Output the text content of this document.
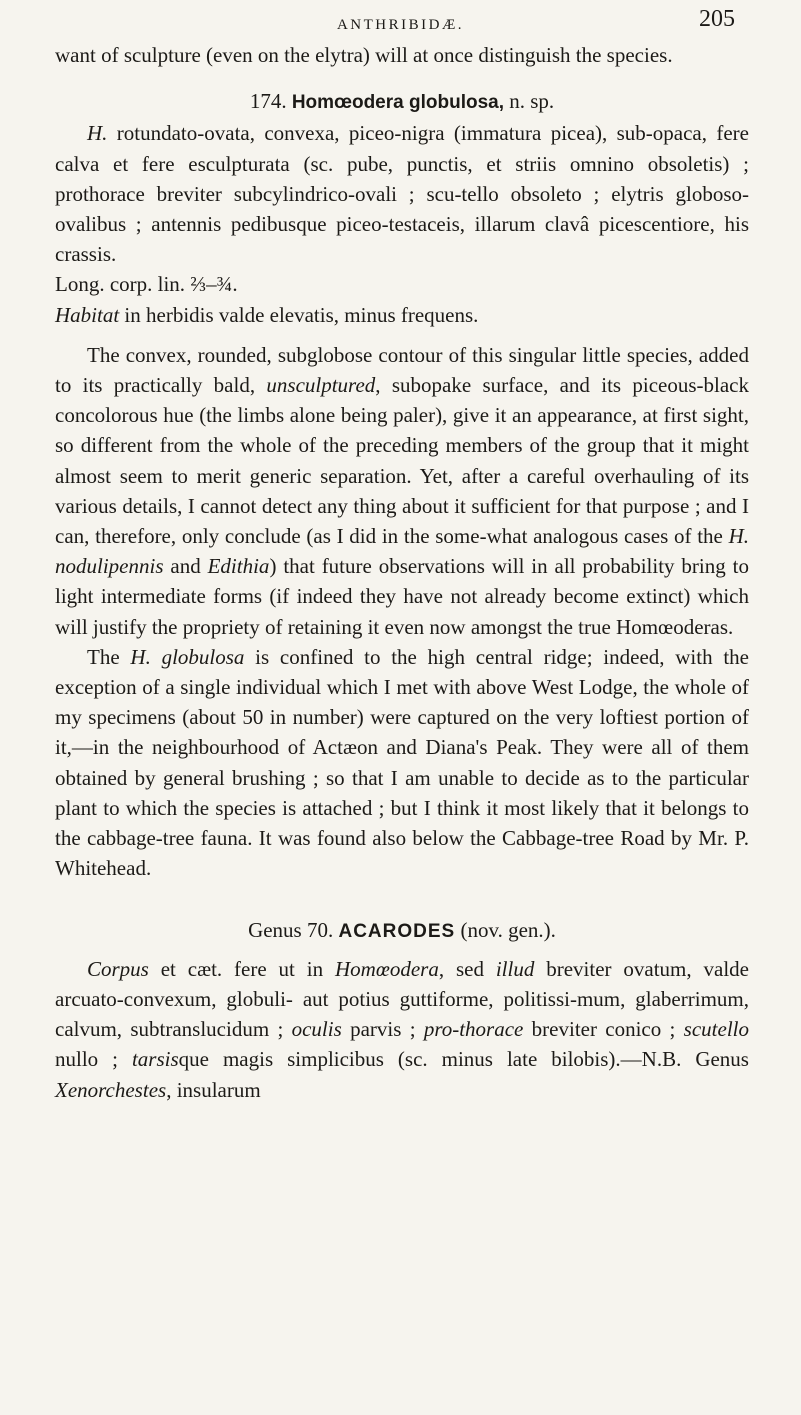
ANTHRIBIDÆ.	205

want of sculpture (even on the elytra) will at once distinguish the species.

174. Homœodera globulosa, n. sp.

H. rotundato-ovata, convexa, piceo-nigra (immatura picea), sub-opaca, fere calva et fere esculpturata (sc. pube, punctis, et striis omnino obsoletis) ; prothorace breviter subcylindrico-ovali ; scu-tello obsoleto ; elytris globoso-ovalibus ; antennis pedibusque piceo-testaceis, illarum clavâ picescentiore, his crassis.

Long. corp. lin. ⅔–¾.

Habitat in herbidis valde elevatis, minus frequens.

The convex, rounded, subglobose contour of this singular little species, added to its practically bald, unsculptured, subopake surface, and its piceous-black concolorous hue (the limbs alone being paler), give it an appearance, at first sight, so different from the whole of the preceding members of the group that it might almost seem to merit generic separation. Yet, after a careful overhauling of its various details, I cannot detect any thing about it sufficient for that purpose ; and I can, therefore, only conclude (as I did in the some-what analogous cases of the H. nodulipennis and Edithia) that future observations will in all probability bring to light intermediate forms (if indeed they have not already become extinct) which will justify the propriety of retaining it even now amongst the true Homœoderas.

The H. globulosa is confined to the high central ridge; indeed, with the exception of a single individual which I met with above West Lodge, the whole of my specimens (about 50 in number) were captured on the very loftiest portion of it,—in the neighbourhood of Actæon and Diana's Peak. They were all of them obtained by general brushing ; so that I am unable to decide as to the particular plant to which the species is attached ; but I think it most likely that it belongs to the cabbage-tree fauna. It was found also below the Cabbage-tree Road by Mr. P. Whitehead.

Genus 70. ACARODES (nov. gen.).

Corpus et cæt. fere ut in Homœodera, sed illud breviter ovatum, valde arcuato-convexum, globuli- aut potius guttiforme, politissi-mum, glaberrimum, calvum, subtranslucidum ; oculis parvis ; pro-thorace breviter conico ; scutello nullo ; tarsisque magis simplicibus (sc. minus late bilobis).—N.B. Genus Xenorchestes, insularum
